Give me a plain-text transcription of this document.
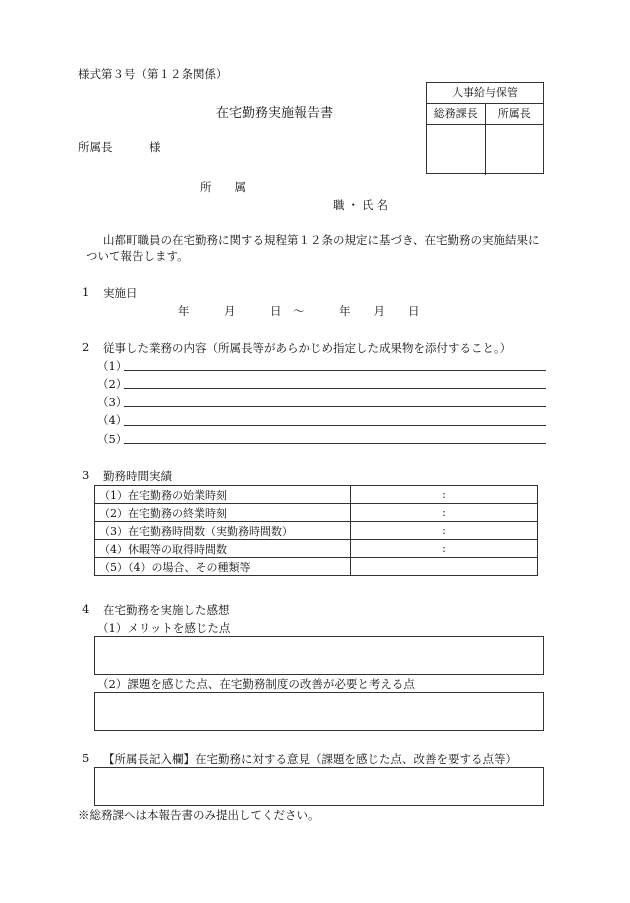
様式第３号（第１２条関係）
人事給与保管
総務課長	所属長
在宅勤務実施報告書
所属長	様
所　　属
職・氏名
山都町職員の在宅勤務に関する規程第１２条の規定に基づき、在宅勤務の実施結果に
ついて報告します。
1 実施日
年　　　月　　　日　～　　　年　　月　　日
2 従事した業務の内容（所属長等があらかじめ指定した成果物を添付すること。）
（1）
（2）
（3）
（4）
（5）
3 勤務時間実績
（1）在宅勤務の始業時刻	:
（2）在宅勤務の終業時刻	:
（3）在宅勤務時間数（実勤務時間数）	:
（4）休暇等の取得時間数	:
（5）（4）の場合、その種類等	
4 在宅勤務を実施した感想
（1）メリットを感じた点
（2）課題を感じた点、在宅勤務制度の改善が必要と考える点
5 【所属長記入欄】在宅勤務に対する意見（課題を感じた点、改善を要する点等）
※総務課へは本報告書のみ提出してください。
